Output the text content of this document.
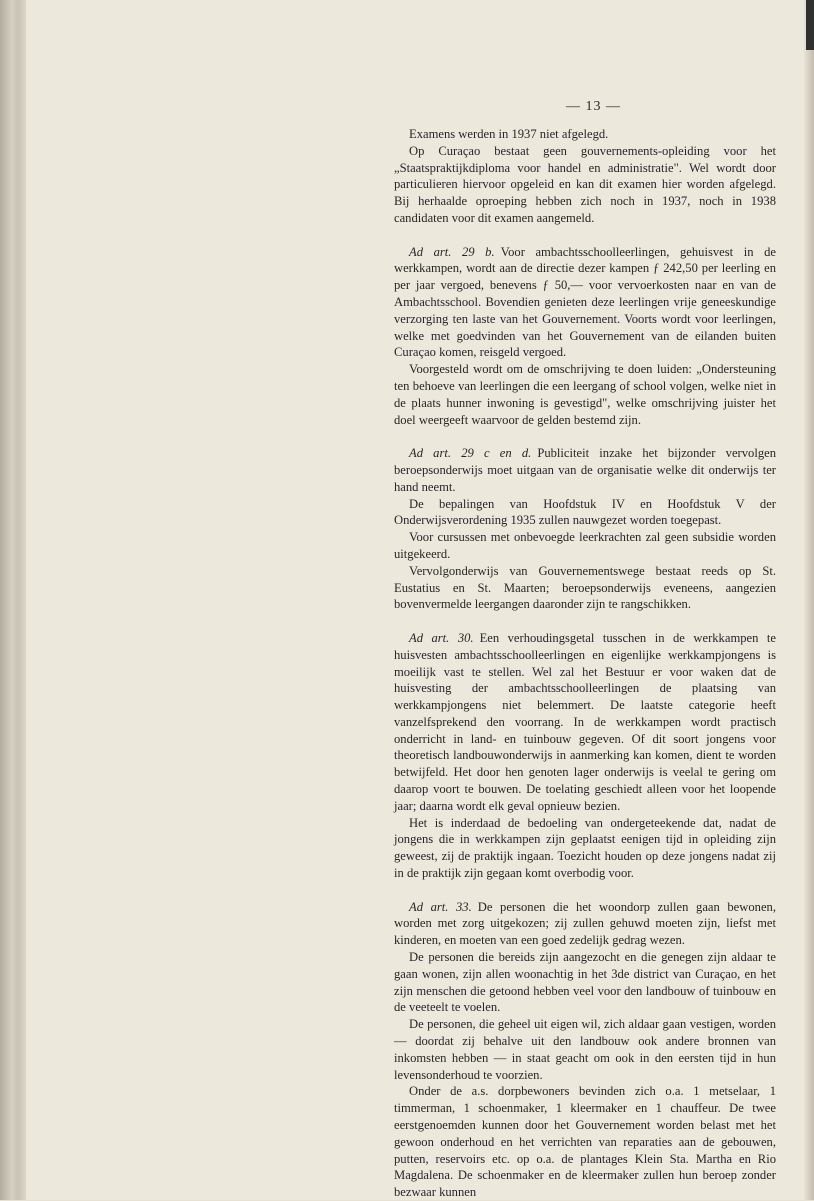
— 13 —

Examens werden in 1937 niet afgelegd.

Op Curaçao bestaat geen gouvernements-opleiding voor het „Staatspraktijkdiploma voor handel en administratie". Wel wordt door particulieren hiervoor opgeleid en kan dit examen hier worden afgelegd. Bij herhaalde oproeping hebben zich noch in 1937, noch in 1938 candidaten voor dit examen aangemeld.

Ad art. 29 b. Voor ambachtsschoolleerlingen, gehuisvest in de werkkampen, wordt aan de directie dezer kampen ƒ 242,50 per leerling en per jaar vergoed, benevens ƒ 50,— voor vervoerkosten naar en van de Ambachtsschool. Bovendien genieten deze leerlingen vrije geneeskundige verzorging ten laste van het Gouvernement. Voorts wordt voor leerlingen, welke met goedvinden van het Gouvernement van de eilanden buiten Curaçao komen, reisgeld vergoed.

Voorgesteld wordt om de omschrijving te doen luiden: „Ondersteuning ten behoeve van leerlingen die een leergang of school volgen, welke niet in de plaats hunner inwoning is gevestigd", welke omschrijving juister het doel weergeeft waarvoor de gelden bestemd zijn.

Ad art. 29 c en d. Publiciteit inzake het bijzonder vervolgen beroepsonderwijs moet uitgaan van de organisatie welke dit onderwijs ter hand neemt.

De bepalingen van Hoofdstuk IV en Hoofdstuk V der Onderwijsverordening 1935 zullen nauwgezet worden toegepast.

Voor cursussen met onbevoegde leerkrachten zal geen subsidie worden uitgekeerd.

Vervolgonderwijs van Gouvernementswege bestaat reeds op St. Eustatius en St. Maarten; beroepsonderwijs eveneens, aangezien bovenvermelde leergangen daaronder zijn te rangschikken.

Ad art. 30. Een verhoudingsgetal tusschen in de werkkampen te huisvesten ambachtsschoolleerlingen en eigenlijke werkkampjongens is moeilijk vast te stellen. Wel zal het Bestuur er voor waken dat de huisvesting der ambachtsschoolleerlingen de plaatsing van werkkampjongens niet belemmert. De laatste categorie heeft vanzelfsprekend den voorrang. In de werkkampen wordt practisch onderricht in land- en tuinbouw gegeven. Of dit soort jongens voor theoretisch landbouwonderwijs in aanmerking kan komen, dient te worden betwijfeld. Het door hen genoten lager onderwijs is veelal te gering om daarop voort te bouwen. De toelating geschiedt alleen voor het loopende jaar; daarna wordt elk geval opnieuw bezien.

Het is inderdaad de bedoeling van ondergeteekende dat, nadat de jongens die in werkkampen zijn geplaatst eenigen tijd in opleiding zijn geweest, zij de praktijk ingaan. Toezicht houden op deze jongens nadat zij in de praktijk zijn gegaan komt overbodig voor.

Ad art. 33. De personen die het woondorp zullen gaan bewonen, worden met zorg uitgekozen; zij zullen gehuwd moeten zijn, liefst met kinderen, en moeten van een goed zedelijk gedrag wezen.

De personen die bereids zijn aangezocht en die genegen zijn aldaar te gaan wonen, zijn allen woonachtig in het 3de district van Curaçao, en het zijn menschen die getoond hebben veel voor den landbouw of tuinbouw en de veeteelt te voelen.

De personen, die geheel uit eigen wil, zich aldaar gaan vestigen, worden — doordat zij behalve uit den landbouw ook andere bronnen van inkomsten hebben — in staat geacht om ook in den eersten tijd in hun levensonderhoud te voorzien.

Onder de a.s. dorpbewoners bevinden zich o.a. 1 metselaar, 1 timmerman, 1 schoenmaker, 1 kleermaker en 1 chauffeur. De twee eerstgenoemden kunnen door het Gouvernement worden belast met het gewoon onderhoud en het verrichten van reparaties aan de gebouwen, putten, reservoirs etc. op o.a. de plantages Klein Sta. Martha en Rio Magdalena. De schoenmaker en de kleermaker zullen hun beroep zonder bezwaar kunnen
